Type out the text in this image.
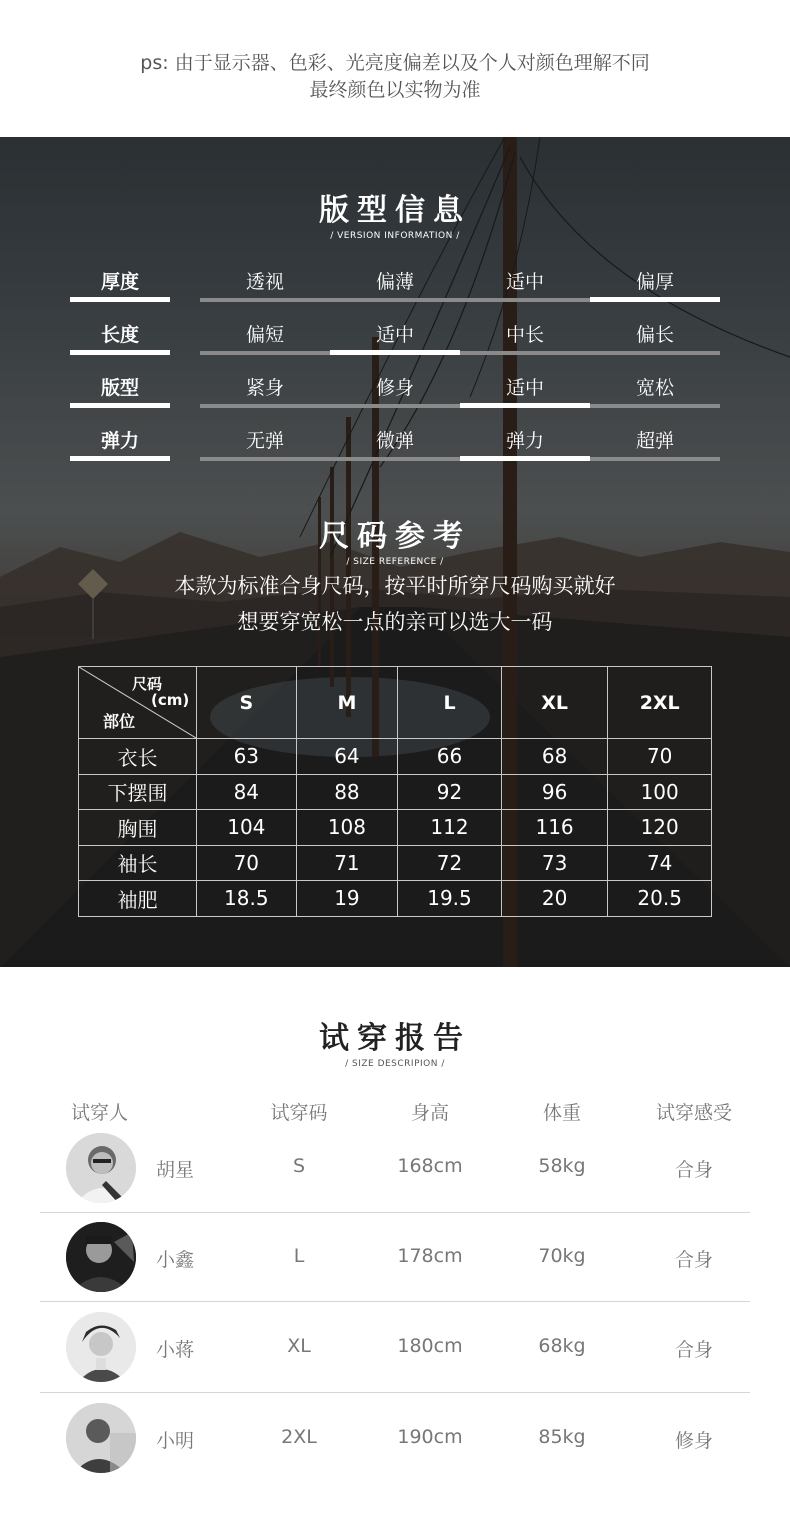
ps: 由于显示器、色彩、光亮度偏差以及个人对颜色理解不同
最终颜色以实物为准
版型信息
/ VERSION INFORMATION /
厚度	透视	偏薄	适中	偏厚
长度	偏短	适中	中长	偏长
版型	紧身	修身	适中	宽松
弹力	无弹	微弹	弹力	超弹
尺码参考
/ SIZE REFERENCE /
本款为标准合身尺码，按平时所穿尺码购买就好
想要穿宽松一点的亲可以选大一码
尺码
(cm)
部位	S	M	L	XL	2XL
衣长	63	64	66	68	70
下摆围	84	88	92	96	100
胸围	104	108	112	116	120
袖长	70	71	72	73	74
袖肥	18.5	19	19.5	20	20.5
试穿报告
/ SIZE DESCRIPION /
试穿人	试穿码	身高	体重	试穿感受
胡星	S	168cm	58kg	合身
小鑫	L	178cm	70kg	合身
小蒋	XL	180cm	68kg	合身
小明	2XL	190cm	85kg	修身
